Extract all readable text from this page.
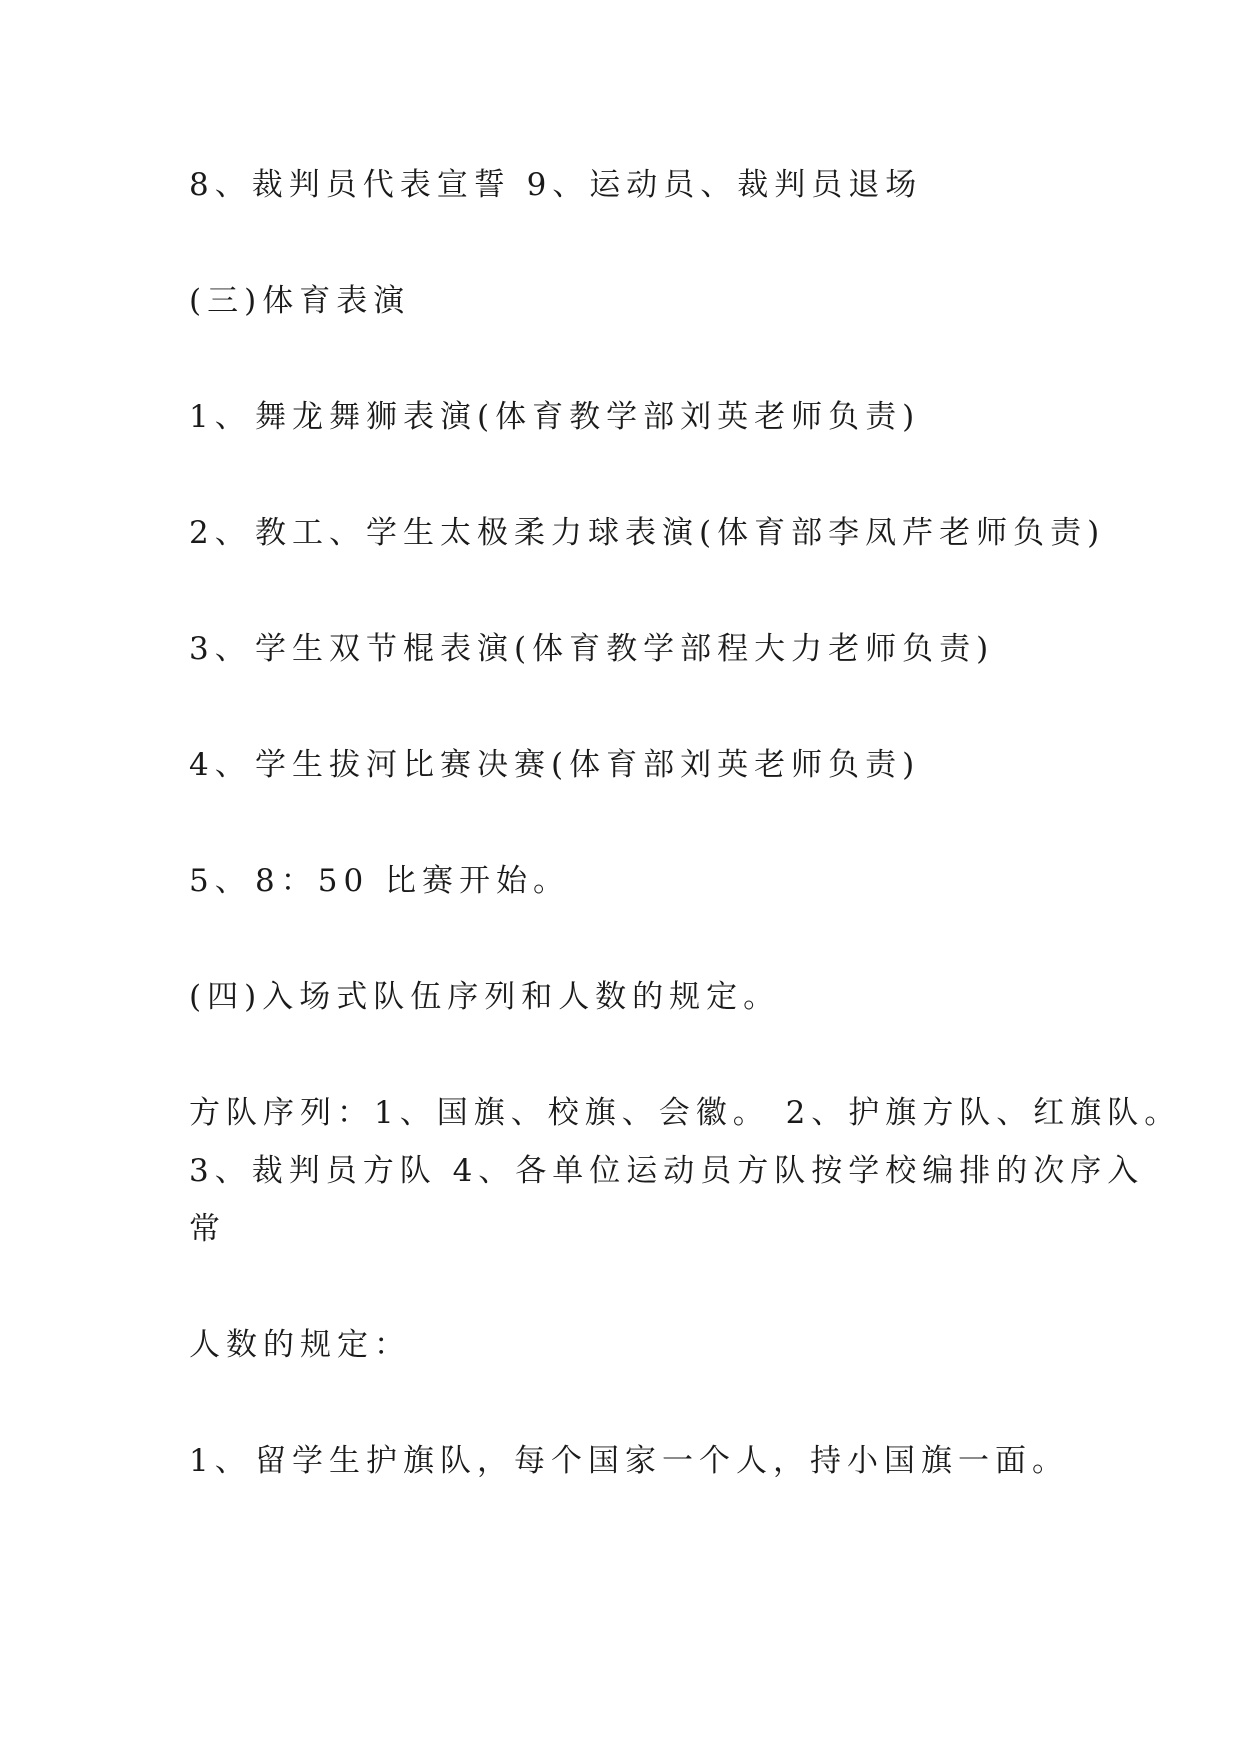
8、裁判员代表宣誓 9、运动员、裁判员退场
(三)体育表演
1、 舞龙舞狮表演(体育教学部刘英老师负责)
2、 教工、学生太极柔力球表演(体育部李凤芹老师负责)
3、 学生双节棍表演(体育教学部程大力老师负责)
4、 学生拔河比赛决赛(体育部刘英老师负责)
5、 8：50 比赛开始。
(四)入场式队伍序列和人数的规定。
方队序列：1、国旗、校旗、会徽。 2、护旗方队、红旗队。
3、裁判员方队 4、各单位运动员方队按学校编排的次序入
常
人数的规定：
1、 留学生护旗队，每个国家一个人，持小国旗一面。
